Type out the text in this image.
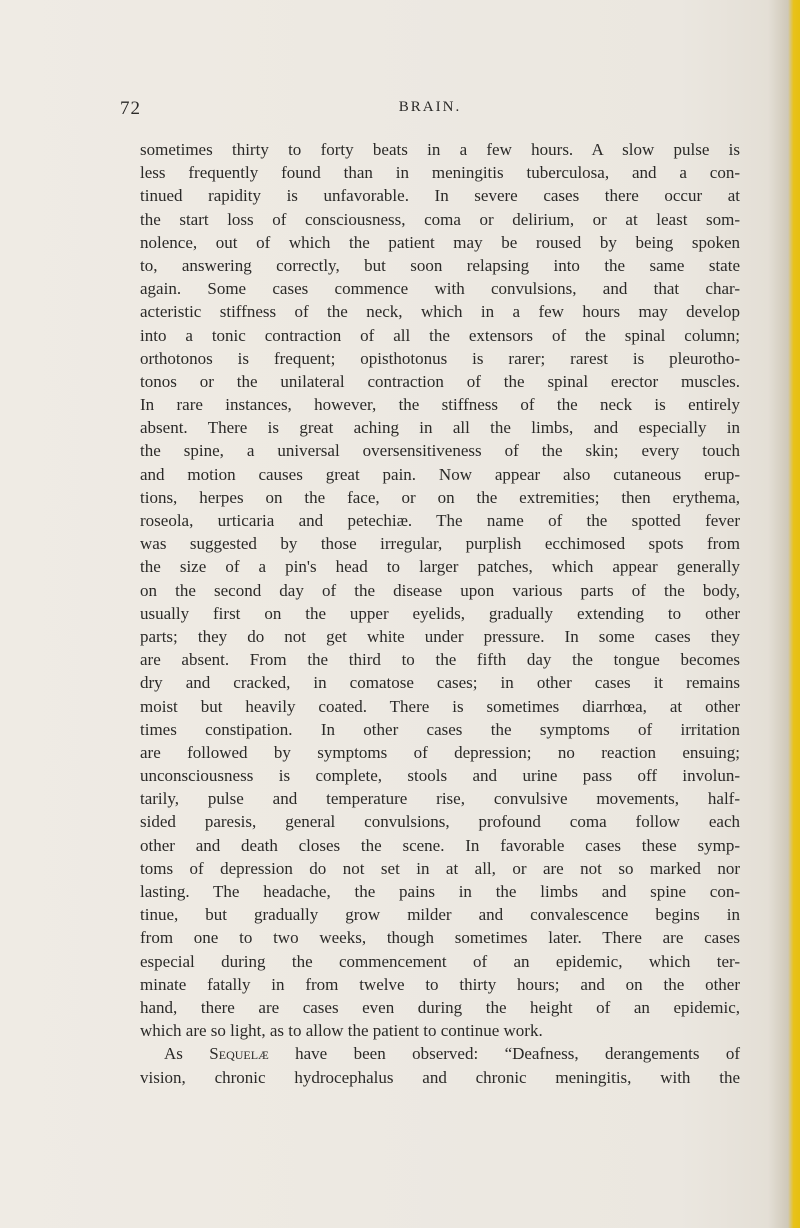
72	BRAIN.
sometimes thirty to forty beats in a few hours. A slow pulse is
less frequently found than in meningitis tuberculosa, and a con-
tinued rapidity is unfavorable. In severe cases there occur at
the start loss of consciousness, coma or delirium, or at least som-
nolence, out of which the patient may be roused by being spoken
to, answering correctly, but soon relapsing into the same state
again. Some cases commence with convulsions, and that char-
acteristic stiffness of the neck, which in a few hours may develop
into a tonic contraction of all the extensors of the spinal column;
orthotonos is frequent; opisthotonus is rarer; rarest is pleurotho-
tonos or the unilateral contraction of the spinal erector muscles.
In rare instances, however, the stiffness of the neck is entirely
absent. There is great aching in all the limbs, and especially in
the spine, a universal oversensitiveness of the skin; every touch
and motion causes great pain. Now appear also cutaneous erup-
tions, herpes on the face, or on the extremities; then erythema,
roseola, urticaria and petechiæ. The name of the spotted fever
was suggested by those irregular, purplish ecchimosed spots from
the size of a pin's head to larger patches, which appear generally
on the second day of the disease upon various parts of the body,
usually first on the upper eyelids, gradually extending to other
parts; they do not get white under pressure. In some cases they
are absent. From the third to the fifth day the tongue becomes
dry and cracked, in comatose cases; in other cases it remains
moist but heavily coated. There is sometimes diarrhœa, at other
times constipation. In other cases the symptoms of irritation
are followed by symptoms of depression; no reaction ensuing;
unconsciousness is complete, stools and urine pass off involun-
tarily, pulse and temperature rise, convulsive movements, half-
sided paresis, general convulsions, profound coma follow each
other and death closes the scene. In favorable cases these symp-
toms of depression do not set in at all, or are not so marked nor
lasting. The headache, the pains in the limbs and spine con-
tinue, but gradually grow milder and convalescence begins in
from one to two weeks, though sometimes later. There are cases
especial during the commencement of an epidemic, which ter-
minate fatally in from twelve to thirty hours; and on the other
hand, there are cases even during the height of an epidemic,
which are so light, as to allow the patient to continue work.
As Sequelæ have been observed: “Deafness, derangements of
vision, chronic hydrocephalus and chronic meningitis, with the
